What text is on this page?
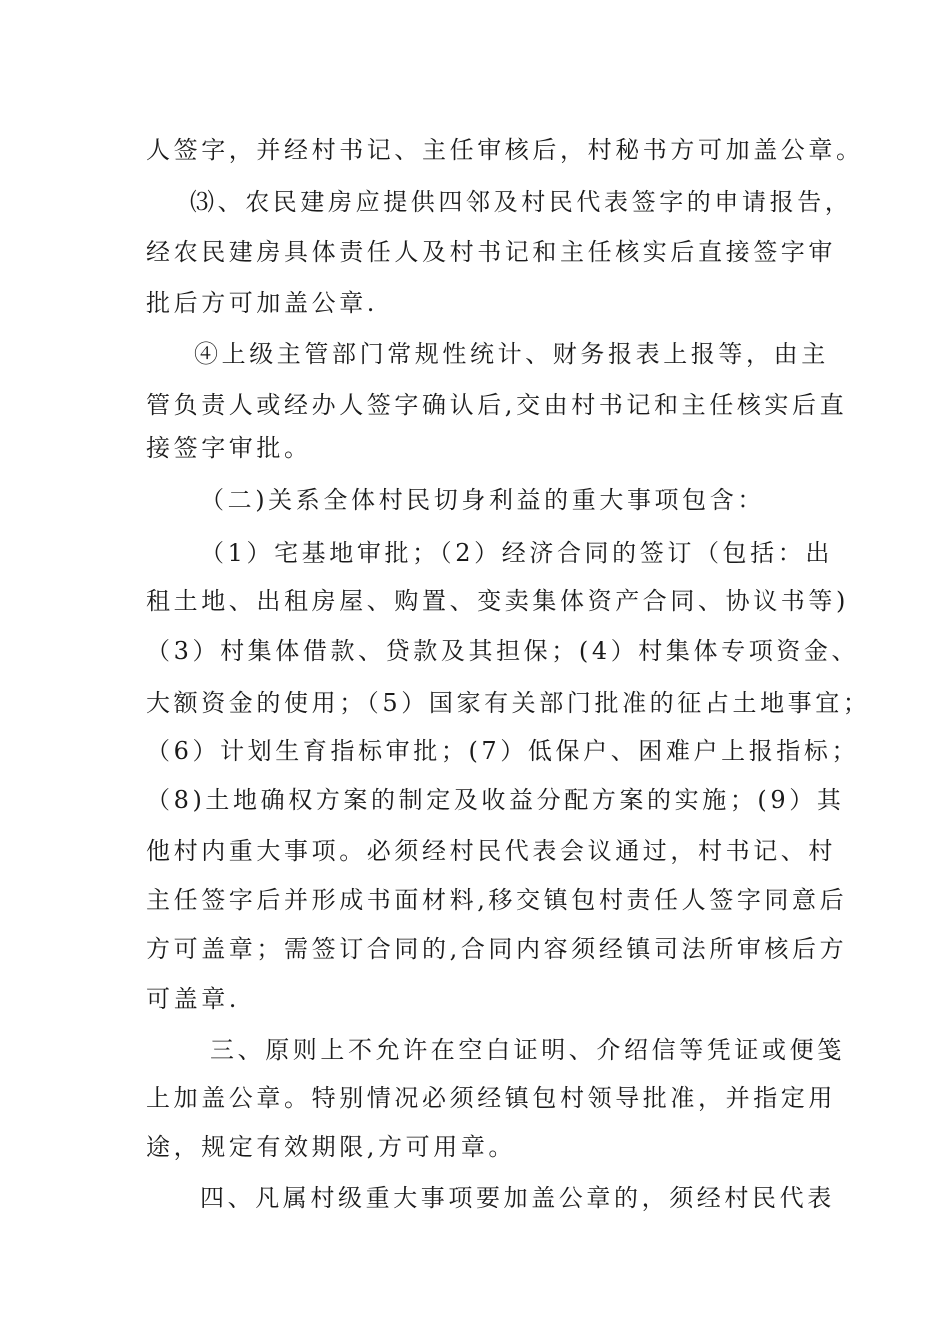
人签字，并经村书记、主任审核后，村秘书方可加盖公章。
⑶、农民建房应提供四邻及村民代表签字的申请报告，
经农民建房具体责任人及村书记和主任核实后直接签字审
批后方可加盖公章.
④上级主管部门常规性统计、财务报表上报等，由主
管负责人或经办人签字确认后,交由村书记和主任核实后直
接签字审批。
（二)关系全体村民切身利益的重大事项包含：
（1）宅基地审批；（2）经济合同的签订（包括：出
租土地、出租房屋、购置、变卖集体资产合同、协议书等)
（3）村集体借款、贷款及其担保；(4）村集体专项资金、
大额资金的使用；（5）国家有关部门批准的征占土地事宜；
（6）计划生育指标审批；(7）低保户、困难户上报指标；
（8)土地确权方案的制定及收益分配方案的实施；(9）其
他村内重大事项。必须经村民代表会议通过，村书记、村
主任签字后并形成书面材料,移交镇包村责任人签字同意后
方可盖章；需签订合同的,合同内容须经镇司法所审核后方
可盖章.
三、原则上不允许在空白证明、介绍信等凭证或便笺
上加盖公章。特别情况必须经镇包村领导批准，并指定用
途，规定有效期限,方可用章。
四、凡属村级重大事项要加盖公章的，须经村民代表
